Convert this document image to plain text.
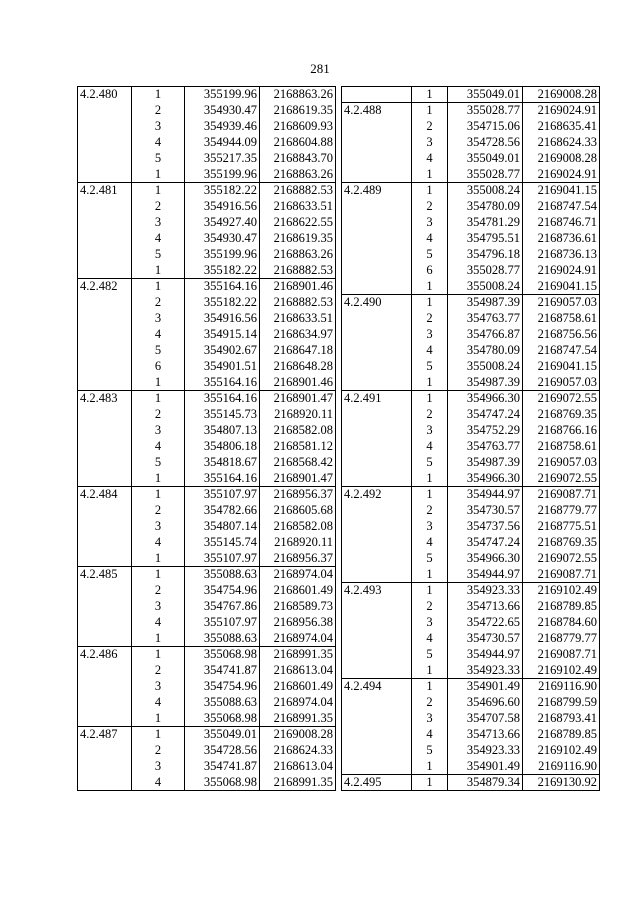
281
4.2.480	1	355199.96	2168863.26
	2	354930.47	2168619.35
	3	354939.46	2168609.93
	4	354944.09	2168604.88
	5	355217.35	2168843.70
	1	355199.96	2168863.26
4.2.481	1	355182.22	2168882.53
	2	354916.56	2168633.51
	3	354927.40	2168622.55
	4	354930.47	2168619.35
	5	355199.96	2168863.26
	1	355182.22	2168882.53
4.2.482	1	355164.16	2168901.46
	2	355182.22	2168882.53
	3	354916.56	2168633.51
	4	354915.14	2168634.97
	5	354902.67	2168647.18
	6	354901.51	2168648.28
	1	355164.16	2168901.46
4.2.483	1	355164.16	2168901.47
	2	355145.73	2168920.11
	3	354807.13	2168582.08
	4	354806.18	2168581.12
	5	354818.67	2168568.42
	1	355164.16	2168901.47
4.2.484	1	355107.97	2168956.37
	2	354782.66	2168605.68
	3	354807.14	2168582.08
	4	355145.74	2168920.11
	1	355107.97	2168956.37
4.2.485	1	355088.63	2168974.04
	2	354754.96	2168601.49
	3	354767.86	2168589.73
	4	355107.97	2168956.38
	1	355088.63	2168974.04
4.2.486	1	355068.98	2168991.35
	2	354741.87	2168613.04
	3	354754.96	2168601.49
	4	355088.63	2168974.04
	1	355068.98	2168991.35
4.2.487	1	355049.01	2169008.28
	2	354728.56	2168624.33
	3	354741.87	2168613.04
	4	355068.98	2168991.35
	1	355049.01	2169008.28
4.2.488	1	355028.77	2169024.91
	2	354715.06	2168635.41
	3	354728.56	2168624.33
	4	355049.01	2169008.28
	1	355028.77	2169024.91
4.2.489	1	355008.24	2169041.15
	2	354780.09	2168747.54
	3	354781.29	2168746.71
	4	354795.51	2168736.61
	5	354796.18	2168736.13
	6	355028.77	2169024.91
	1	355008.24	2169041.15
4.2.490	1	354987.39	2169057.03
	2	354763.77	2168758.61
	3	354766.87	2168756.56
	4	354780.09	2168747.54
	5	355008.24	2169041.15
	1	354987.39	2169057.03
4.2.491	1	354966.30	2169072.55
	2	354747.24	2168769.35
	3	354752.29	2168766.16
	4	354763.77	2168758.61
	5	354987.39	2169057.03
	1	354966.30	2169072.55
4.2.492	1	354944.97	2169087.71
	2	354730.57	2168779.77
	3	354737.56	2168775.51
	4	354747.24	2168769.35
	5	354966.30	2169072.55
	1	354944.97	2169087.71
4.2.493	1	354923.33	2169102.49
	2	354713.66	2168789.85
	3	354722.65	2168784.60
	4	354730.57	2168779.77
	5	354944.97	2169087.71
	1	354923.33	2169102.49
4.2.494	1	354901.49	2169116.90
	2	354696.60	2168799.59
	3	354707.58	2168793.41
	4	354713.66	2168789.85
	5	354923.33	2169102.49
	1	354901.49	2169116.90
4.2.495	1	354879.34	2169130.92
